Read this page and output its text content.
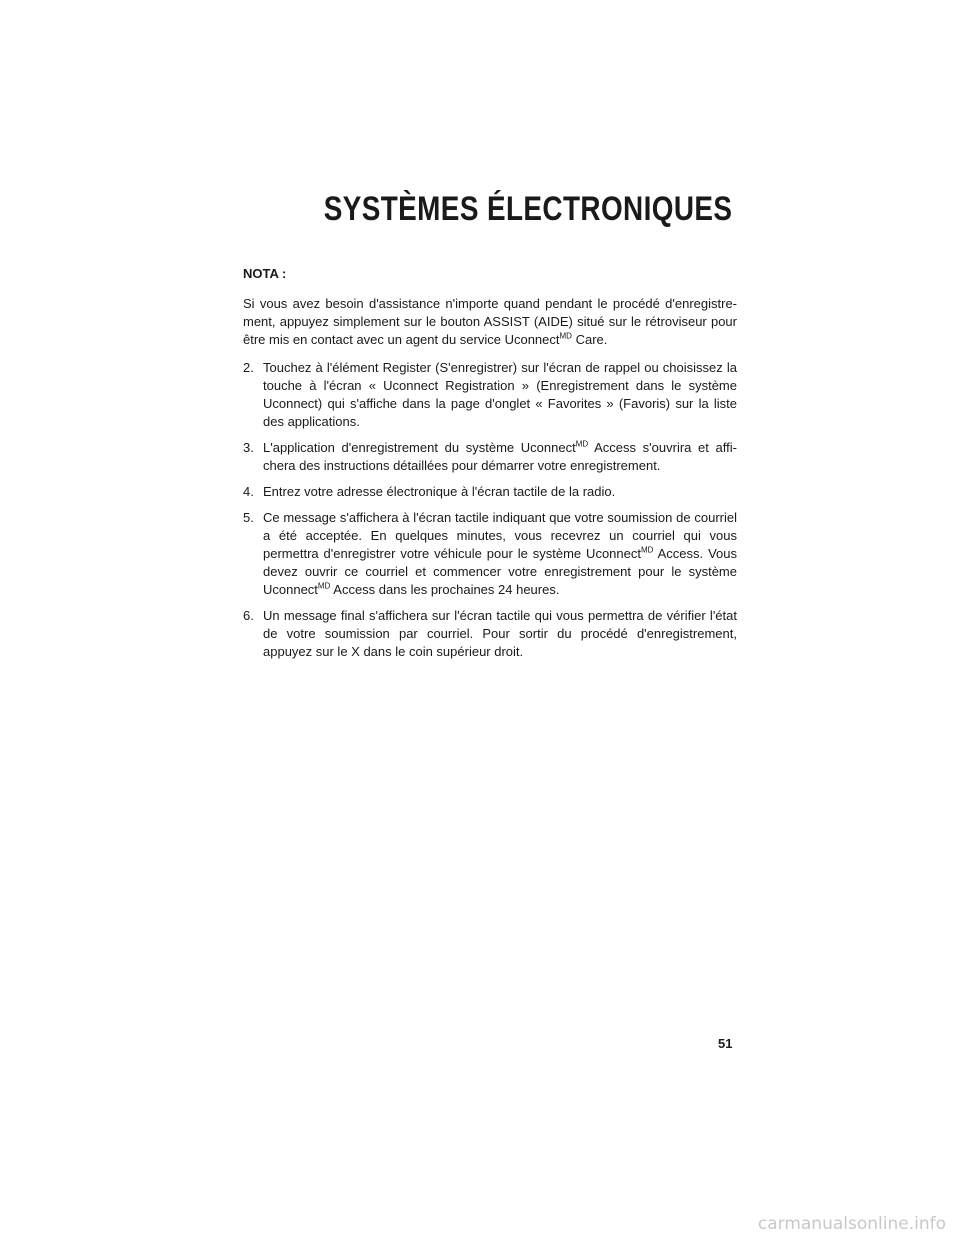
SYSTÈMES ÉLECTRONIQUES

NOTA :

Si vous avez besoin d'assistance n'importe quand pendant le procédé d'enregistre-ment, appuyez simplement sur le bouton ASSIST (AIDE) situé sur le rétroviseur pour être mis en contact avec un agent du service Uconnect$^{MD}$ Care.

2. Touchez à l'élément Register (S'enregistrer) sur l'écran de rappel ou choisissez la touche à l'écran « Uconnect Registration » (Enregistrement dans le système Uconnect) qui s'affiche dans la page d'onglet « Favorites » (Favoris) sur la liste des applications.
3. L'application d'enregistrement du système Uconnect$^{MD}$ Access s'ouvrira et affi-chera des instructions détaillées pour démarrer votre enregistrement.
4. Entrez votre adresse électronique à l'écran tactile de la radio.
5. Ce message s'affichera à l'écran tactile indiquant que votre soumission de courriel a été acceptée. En quelques minutes, vous recevrez un courriel qui vous permettra d'enregistrer votre véhicule pour le système Uconnect$^{MD}$ Access. Vous devez ouvrir ce courriel et commencer votre enregistrement pour le système Uconnect$^{MD}$ Access dans les prochaines 24 heures.
6. Un message final s'affichera sur l'écran tactile qui vous permettra de vérifier l'état de votre soumission par courriel. Pour sortir du procédé d'enregistrement, appuyez sur le X dans le coin supérieur droit.
51
carmanualsonline.info
